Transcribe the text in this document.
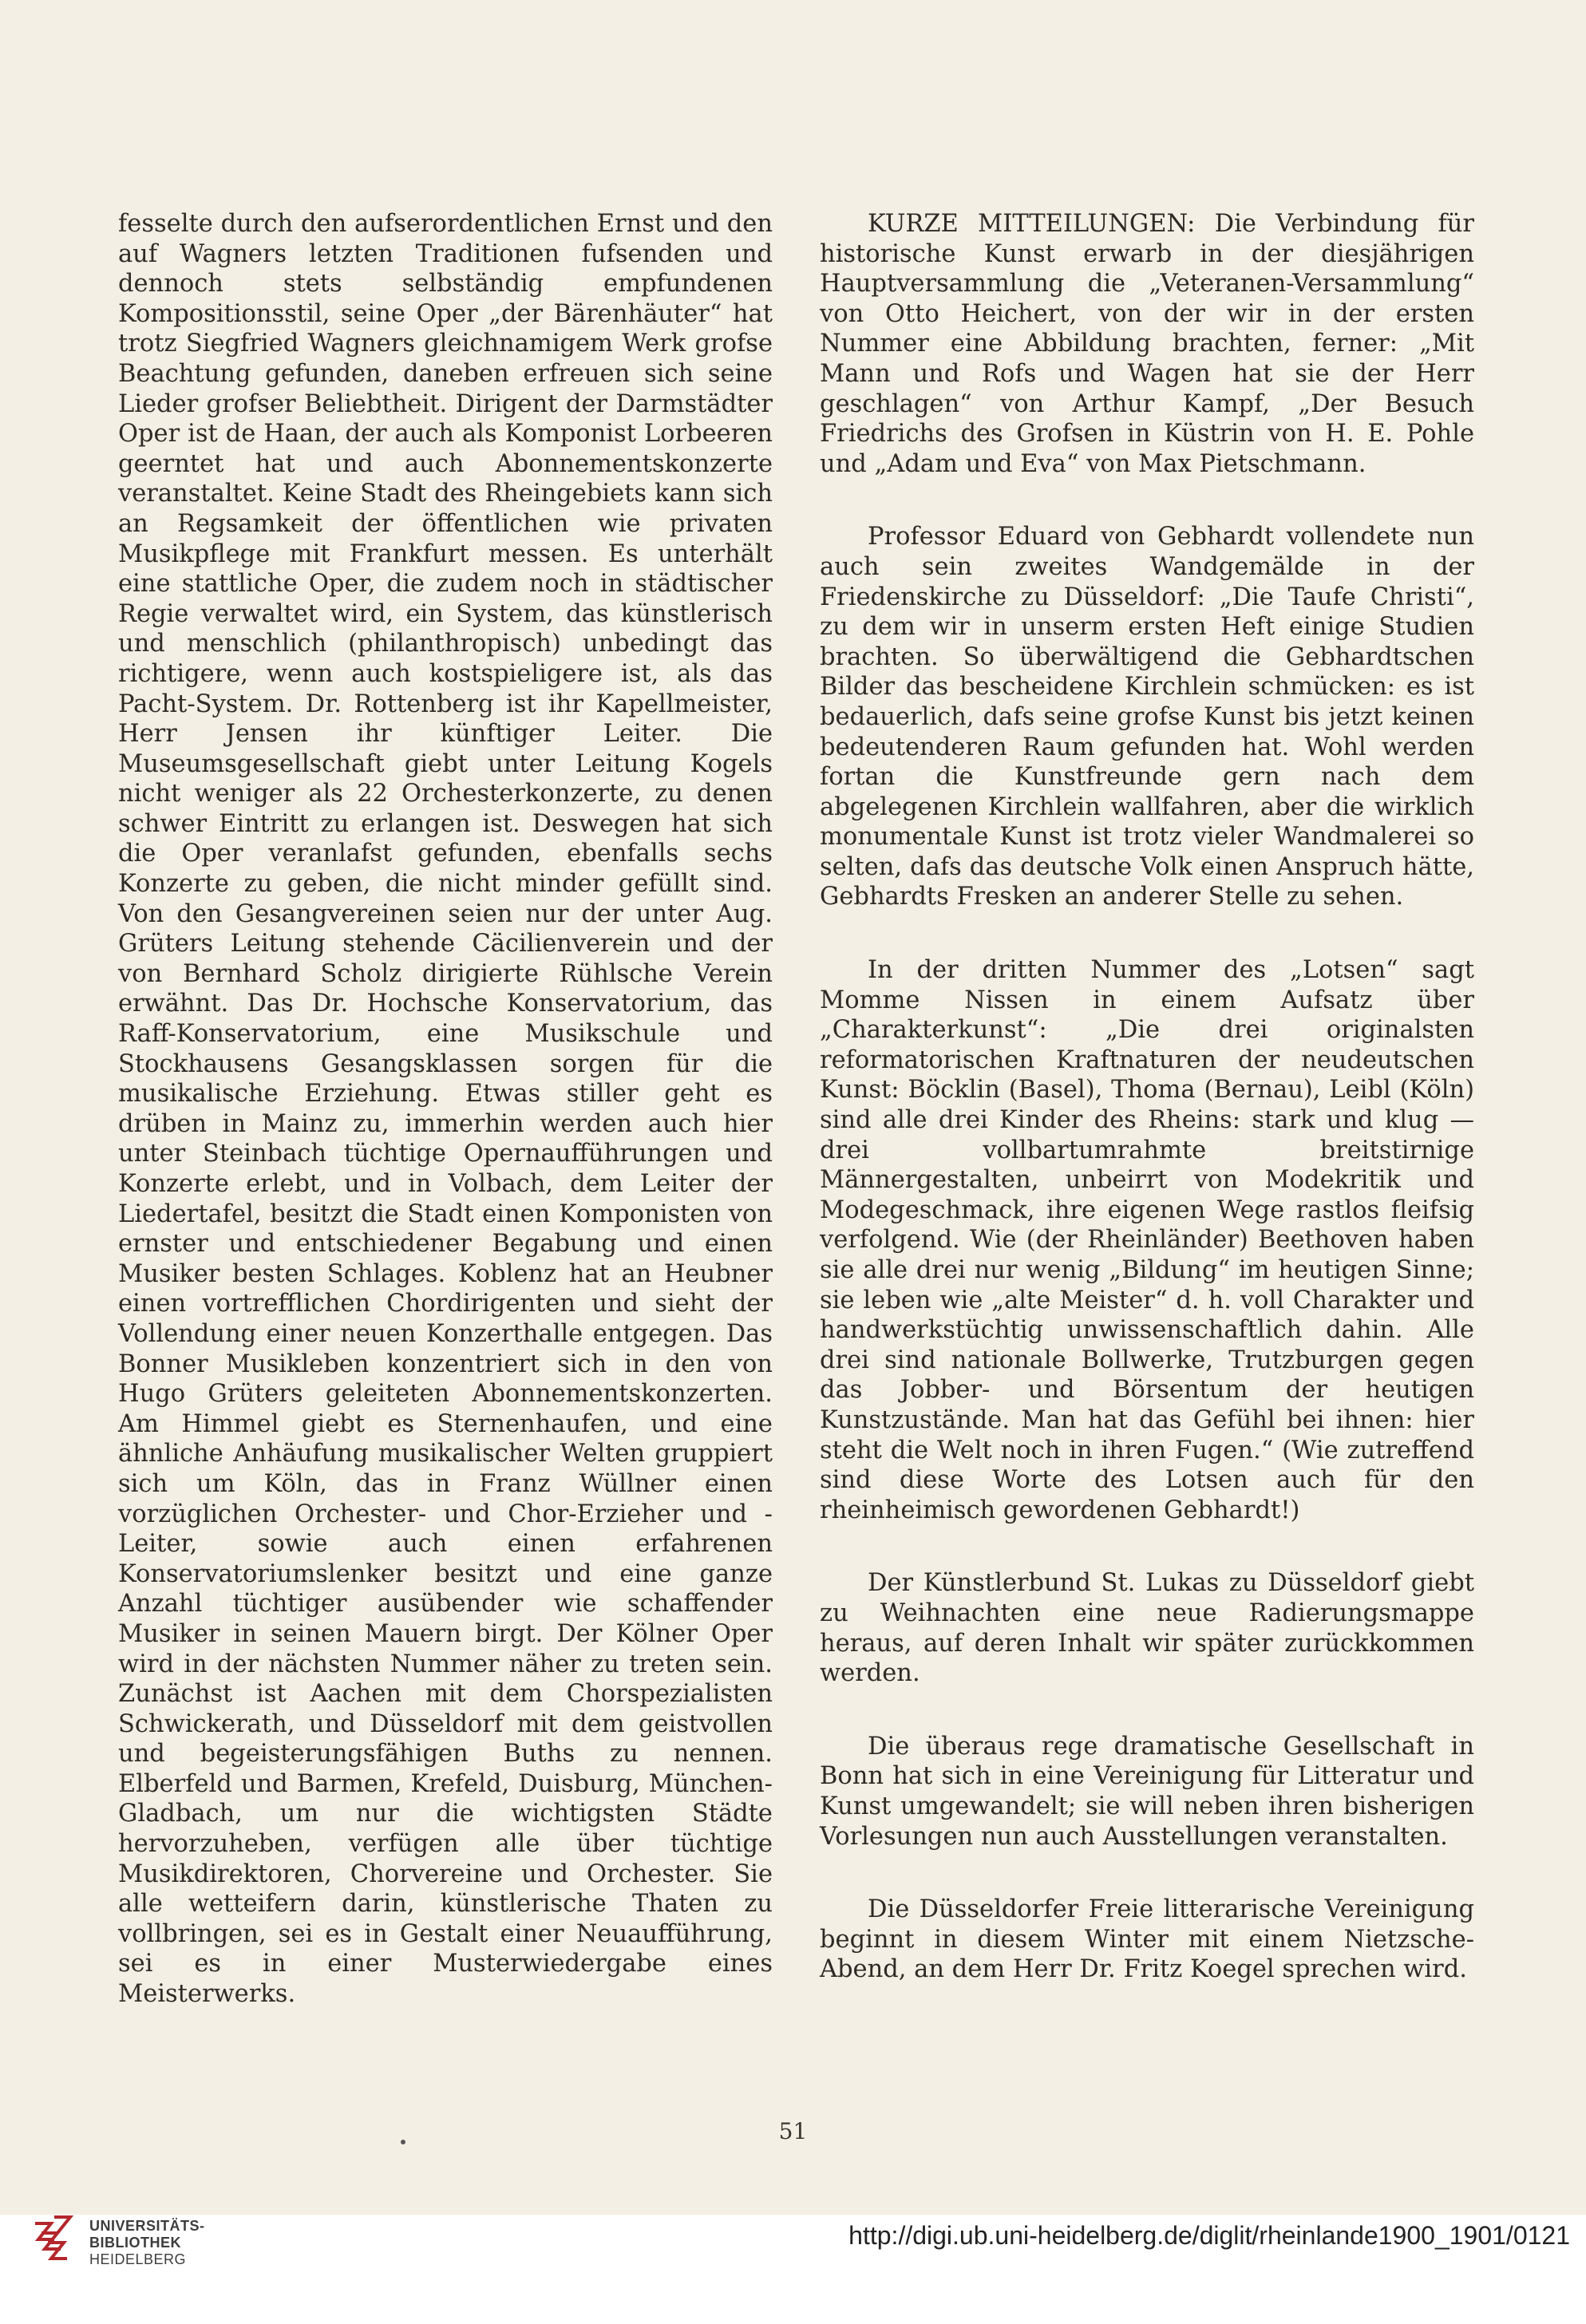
fesselte durch den aufserordentlichen Ernst und den auf Wagners letzten Traditionen fufsenden und dennoch stets selbständig empfundenen Kompositionsstil, seine Oper „der Bärenhäuter“ hat trotz Siegfried Wagners gleichnamigem Werk grofse Beachtung gefunden, daneben erfreuen sich seine Lieder grofser Beliebtheit. Dirigent der Darmstädter Oper ist de Haan, der auch als Komponist Lorbeeren geerntet hat und auch Abonnementskonzerte veranstaltet. Keine Stadt des Rheingebiets kann sich an Regsamkeit der öffentlichen wie privaten Musikpflege mit Frankfurt messen. Es unterhält eine stattliche Oper, die zudem noch in städtischer Regie verwaltet wird, ein System, das künstlerisch und menschlich (philanthropisch) unbedingt das richtigere, wenn auch kostspieligere ist, als das Pacht-System. Dr. Rottenberg ist ihr Kapellmeister, Herr Jensen ihr künftiger Leiter. Die Museumsgesellschaft giebt unter Leitung Kogels nicht weniger als 22 Orchesterkonzerte, zu denen schwer Eintritt zu erlangen ist. Deswegen hat sich die Oper veranlafst gefunden, ebenfalls sechs Konzerte zu geben, die nicht minder gefüllt sind. Von den Gesangvereinen seien nur der unter Aug. Grüters Leitung stehende Cäcilienverein und der von Bernhard Scholz dirigierte Rühlsche Verein erwähnt. Das Dr. Hochsche Konservatorium, das Raff-Konservatorium, eine Musikschule und Stockhausens Gesangsklassen sorgen für die musikalische Erziehung. Etwas stiller geht es drüben in Mainz zu, immerhin werden auch hier unter Steinbach tüchtige Opernaufführungen und Konzerte erlebt, und in Volbach, dem Leiter der Liedertafel, besitzt die Stadt einen Komponisten von ernster und entschiedener Begabung und einen Musiker besten Schlages. Koblenz hat an Heubner einen vortrefflichen Chordirigenten und sieht der Vollendung einer neuen Konzerthalle entgegen. Das Bonner Musikleben konzentriert sich in den von Hugo Grüters geleiteten Abonnementskonzerten. Am Himmel giebt es Sternenhaufen, und eine ähnliche Anhäufung musikalischer Welten gruppiert sich um Köln, das in Franz Wüllner einen vorzüglichen Orchester- und Chor-Erzieher und -Leiter, sowie auch einen erfahrenen Konservatoriumslenker besitzt und eine ganze Anzahl tüchtiger ausübender wie schaffender Musiker in seinen Mauern birgt. Der Kölner Oper wird in der nächsten Nummer näher zu treten sein. Zunächst ist Aachen mit dem Chorspezialisten Schwickerath, und Düsseldorf mit dem geistvollen und begeisterungsfähigen Buths zu nennen. Elberfeld und Barmen, Krefeld, Duisburg, München-Gladbach, um nur die wichtigsten Städte hervorzuheben, verfügen alle über tüchtige Musikdirektoren, Chorvereine und Orchester. Sie alle wetteifern darin, künstlerische Thaten zu vollbringen, sei es in Gestalt einer Neuaufführung, sei es in einer Musterwiedergabe eines Meisterwerks.

KURZE MITTEILUNGEN: Die Verbindung für historische Kunst erwarb in der diesjährigen Hauptversammlung die „Veteranen-Versammlung“ von Otto Heichert, von der wir in der ersten Nummer eine Abbildung brachten, ferner: „Mit Mann und Rofs und Wagen hat sie der Herr geschlagen“ von Arthur Kampf, „Der Besuch Friedrichs des Grofsen in Küstrin von H. E. Pohle und „Adam und Eva“ von Max Pietschmann.

Professor Eduard von Gebhardt vollendete nun auch sein zweites Wandgemälde in der Friedenskirche zu Düsseldorf: „Die Taufe Christi“, zu dem wir in unserm ersten Heft einige Studien brachten. So überwältigend die Gebhardtschen Bilder das bescheidene Kirchlein schmücken: es ist bedauerlich, dafs seine grofse Kunst bis jetzt keinen bedeutenderen Raum gefunden hat. Wohl werden fortan die Kunstfreunde gern nach dem abgelegenen Kirchlein wallfahren, aber die wirklich monumentale Kunst ist trotz vieler Wandmalerei so selten, dafs das deutsche Volk einen Anspruch hätte, Gebhardts Fresken an anderer Stelle zu sehen.

In der dritten Nummer des „Lotsen“ sagt Momme Nissen in einem Aufsatz über „Charakterkunst“: „Die drei originalsten reformatorischen Kraftnaturen der neudeutschen Kunst: Böcklin (Basel), Thoma (Bernau), Leibl (Köln) sind alle drei Kinder des Rheins: stark und klug — drei vollbartumrahmte breitstirnige Männergestalten, unbeirrt von Modekritik und Modegeschmack, ihre eigenen Wege rastlos fleifsig verfolgend. Wie (der Rheinländer) Beethoven haben sie alle drei nur wenig „Bildung“ im heutigen Sinne; sie leben wie „alte Meister“ d. h. voll Charakter und handwerkstüchtig unwissenschaftlich dahin. Alle drei sind nationale Bollwerke, Trutzburgen gegen das Jobber- und Börsentum der heutigen Kunstzustände. Man hat das Gefühl bei ihnen: hier steht die Welt noch in ihren Fugen.“ (Wie zutreffend sind diese Worte des Lotsen auch für den rheinheimisch gewordenen Gebhardt!)

Der Künstlerbund St. Lukas zu Düsseldorf giebt zu Weihnachten eine neue Radierungsmappe heraus, auf deren Inhalt wir später zurückkommen werden.

Die überaus rege dramatische Gesellschaft in Bonn hat sich in eine Vereinigung für Litteratur und Kunst umgewandelt; sie will neben ihren bisherigen Vorlesungen nun auch Ausstellungen veranstalten.

Die Düsseldorfer Freie litterarische Vereinigung beginnt in diesem Winter mit einem Nietzsche-Abend, an dem Herr Dr. Fritz Koegel sprechen wird.

51
UNIVERSITÄTS-
BIBLIOTHEK
HEIDELBERG
http://digi.ub.uni-heidelberg.de/diglit/rheinlande1900_1901/0121
